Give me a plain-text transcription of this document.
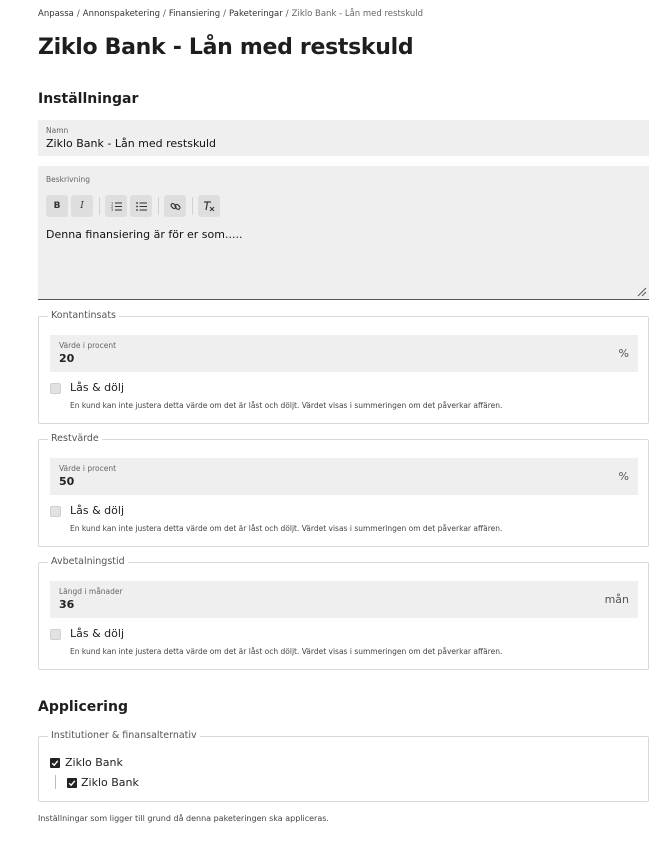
Anpassa / Annonspaketering / Finansiering / Paketeringar / Ziklo Bank - Lån med restskuld
Ziklo Bank - Lån med restskuld
Inställningar
Namn
Ziklo Bank - Lån med restskuld
Beskrivning
Denna finansiering är för er som.....
B I	1
2
3
Kontantinsats
Värde i procent
20	%
Lås & dölj
En kund kan inte justera detta värde om det är låst och döljt. Värdet visas i summeringen om det påverkar affären.
Restvärde
Värde i procent
50	%
Lås & dölj
En kund kan inte justera detta värde om det är låst och döljt. Värdet visas i summeringen om det påverkar affären.
Avbetalningstid
Längd i månader
36	mån
Lås & dölj
En kund kan inte justera detta värde om det är låst och döljt. Värdet visas i summeringen om det påverkar affären.
Applicering
Institutioner & finansalternativ
Ziklo Bank
Ziklo Bank
Inställningar som ligger till grund då denna paketeringen ska appliceras.
